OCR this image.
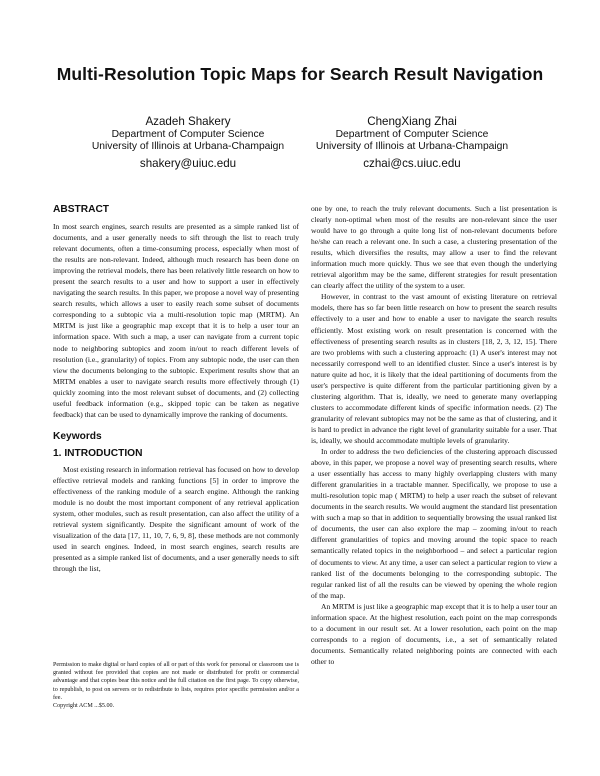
Multi-Resolution Topic Maps for Search Result Navigation
Azadeh Shakery
Department of Computer Science
University of Illinois at Urbana-Champaign
shakery@uiuc.edu
ChengXiang Zhai
Department of Computer Science
University of Illinois at Urbana-Champaign
czhai@cs.uiuc.edu
ABSTRACT

In most search engines, search results are presented as a simple ranked list of documents, and a user generally needs to sift through the list to reach truly relevant documents, often a time-consuming process, especially when most of the results are non-relevant. Indeed, although much research has been done on improving the retrieval models, there has been relatively little research on how to present the search results to a user and how to support a user in effectively navigating the search results. In this paper, we propose a novel way of presenting search results, which allows a user to easily reach some subset of documents corresponding to a subtopic via a multi-resolution topic map (MRTM). An MRTM is just like a geographic map except that it is to help a user tour an information space. With such a map, a user can navigate from a current topic node to neighboring subtopics and zoom in/out to reach different levels of resolution (i.e., granularity) of topics. From any subtopic node, the user can then view the documents belonging to the subtopic. Experiment results show that an MRTM enables a user to navigate search results more effectively through (1) quickly zooming into the most relevant subset of documents, and (2) collecting useful feedback information (e.g., skipped topic can be taken as negative feedback) that can be used to dynamically improve the ranking of documents.

Keywords
1. INTRODUCTION

Most existing research in information retrieval has focused on how to develop effective retrieval models and ranking functions [5] in order to improve the effectiveness of the ranking module of a search engine. Although the ranking module is no doubt the most important component of any retrieval application system, other modules, such as result presentation, can also affect the utility of a retrieval system significantly. Despite the significant amount of work of the visualization of the data [17, 11, 10, 7, 6, 9, 8], these methods are not commonly used in search engines. Indeed, in most search engines, search results are presented as a simple ranked list of documents, and a user generally needs to sift through the list,

Permission to make digital or hard copies of all or part of this work for personal or classroom use is granted without fee provided that copies are not made or distributed for profit or commercial advantage and that copies bear this notice and the full citation on the first page. To copy otherwise, to republish, to post on servers or to redistribute to lists, requires prior specific permission and/or a fee.
Copyright ACM ...$5.00.

one by one, to reach the truly relevant documents. Such a list presentation is clearly non-optimal when most of the results are non-relevant since the user would have to go through a quite long list of non-relevant documents before he/she can reach a relevant one. In such a case, a clustering presentation of the results, which diversifies the results, may allow a user to find the relevant information much more quickly. Thus we see that even though the underlying retrieval algorithm may be the same, different strategies for result presentation can clearly affect the utility of the system to a user.

However, in contrast to the vast amount of existing literature on retrieval models, there has so far been little research on how to present the search results effectively to a user and how to enable a user to navigate the search results efficiently. Most existing work on result presentation is concerned with the effectiveness of presenting search results as in clusters [18, 2, 3, 12, 15]. There are two problems with such a clustering approach: (1) A user's interest may not necessarily correspond well to an identified cluster. Since a user's interest is by nature quite ad hoc, it is likely that the ideal partitioning of documents from the user's perspective is quite different from the particular partitioning given by a clustering algorithm. That is, ideally, we need to generate many overlapping clusters to accommodate different kinds of specific information needs. (2) The granularity of relevant subtopics may not be the same as that of clustering, and it is hard to predict in advance the right level of granularity suitable for a user. That is, ideally, we should accommodate multiple levels of granularity.

In order to address the two deficiencies of the clustering approach discussed above, in this paper, we propose a novel way of presenting search results, where a user essentially has access to many highly overlapping clusters with many different granularities in a tractable manner. Specifically, we propose to use a multi-resolution topic map ( MRTM) to help a user reach the subset of relevant documents in the search results. We would augment the standard list presentation with such a map so that in addition to sequentially browsing the usual ranked list of documents, the user can also explore the map – zooming in/out to reach different granularities of topics and moving around the topic space to reach semantically related topics in the neighborhood – and select a particular region of documents to view. At any time, a user can select a particular region to view a ranked list of the documents belonging to the corresponding subtopic. The regular ranked list of all the results can be viewed by opening the whole region of the map.

An MRTM is just like a geographic map except that it is to help a user tour an information space. At the highest resolution, each point on the map corresponds to a document in our result set. At a lower resolution, each point on the map corresponds to a region of documents, i.e., a set of semantically related documents. Semantically related neighboring points are connected with each other to
